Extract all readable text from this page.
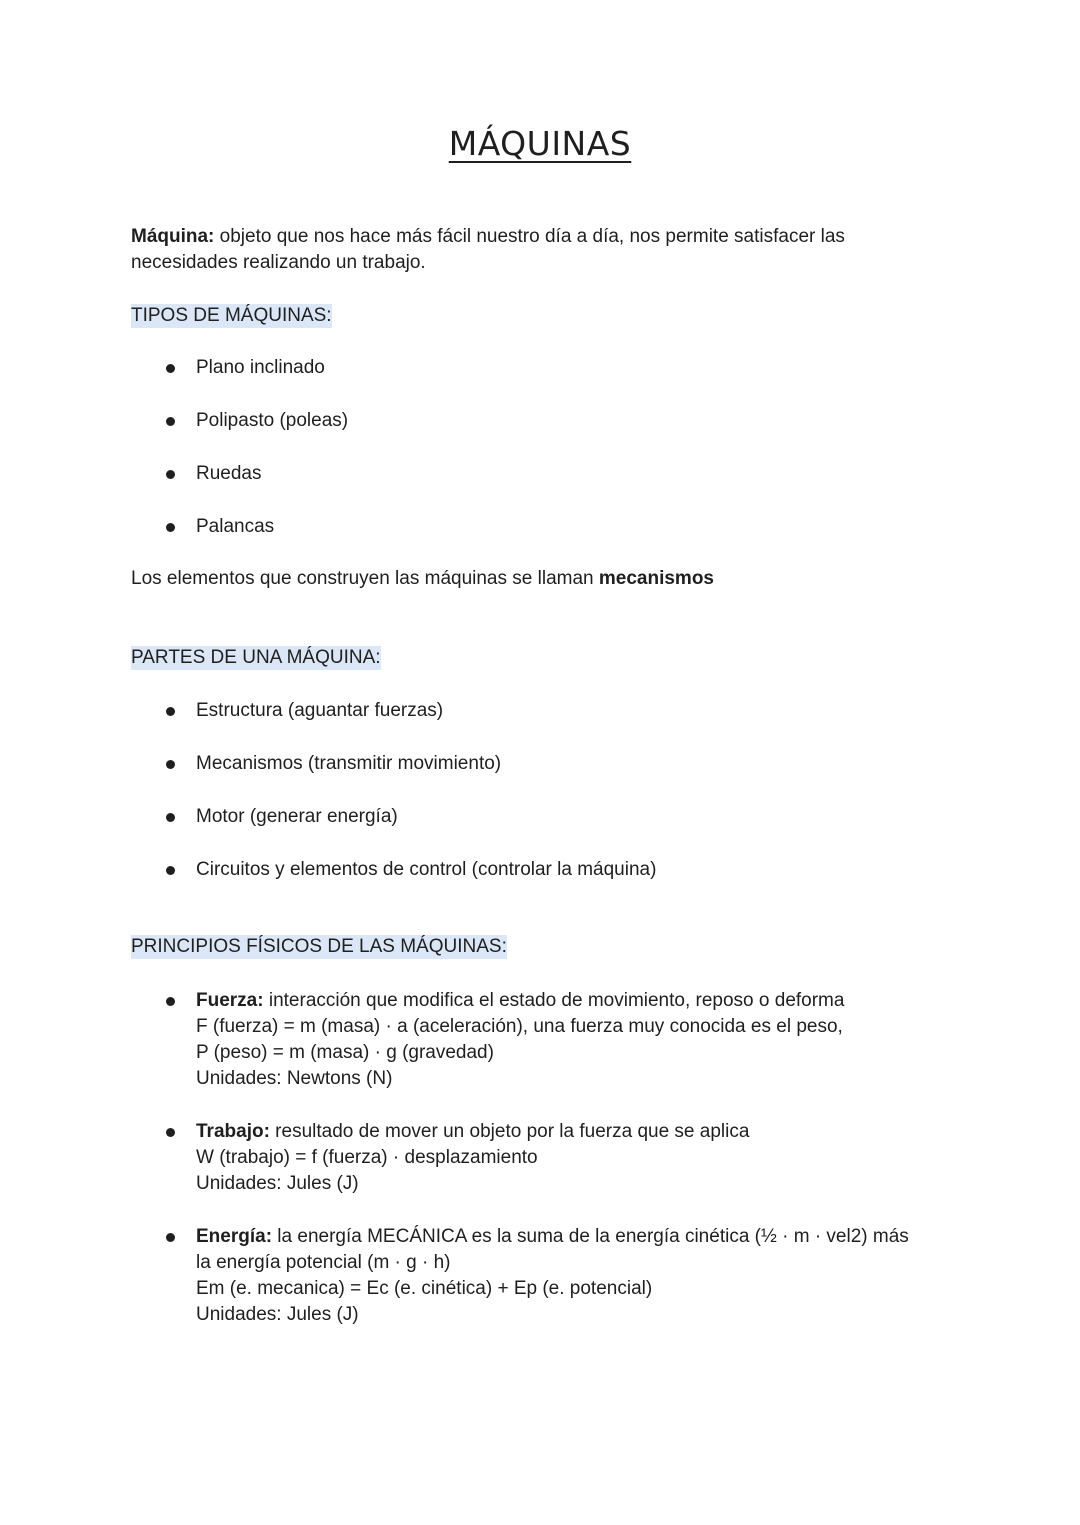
MÁQUINAS

Máquina: objeto que nos hace más fácil nuestro día a día, nos permite satisfacer las
necesidades realizando un trabajo.

TIPOS DE MÁQUINAS:

Plano inclinado
Polipasto (poleas)
Ruedas
Palancas

Los elementos que construyen las máquinas se llaman mecanismos

PARTES DE UNA MÁQUINA:

Estructura (aguantar fuerzas)
Mecanismos (transmitir movimiento)
Motor (generar energía)
Circuitos y elementos de control (controlar la máquina)

PRINCIPIOS FÍSICOS DE LAS MÁQUINAS:

Fuerza: interacción que modifica el estado de movimiento, reposo o deforma
F (fuerza) = m (masa) · a (aceleración), una fuerza muy conocida es el peso,
P (peso) = m (masa) · g (gravedad)
Unidades: Newtons (N)
Trabajo: resultado de mover un objeto por la fuerza que se aplica
W (trabajo) = f (fuerza) · desplazamiento
Unidades: Jules (J)
Energía: la energía MECÁNICA es la suma de la energía cinética (½ · m · vel2) más
la energía potencial (m · g · h)
Em (e. mecanica) = Ec (e. cinética) + Ep (e. potencial)
Unidades: Jules (J)
